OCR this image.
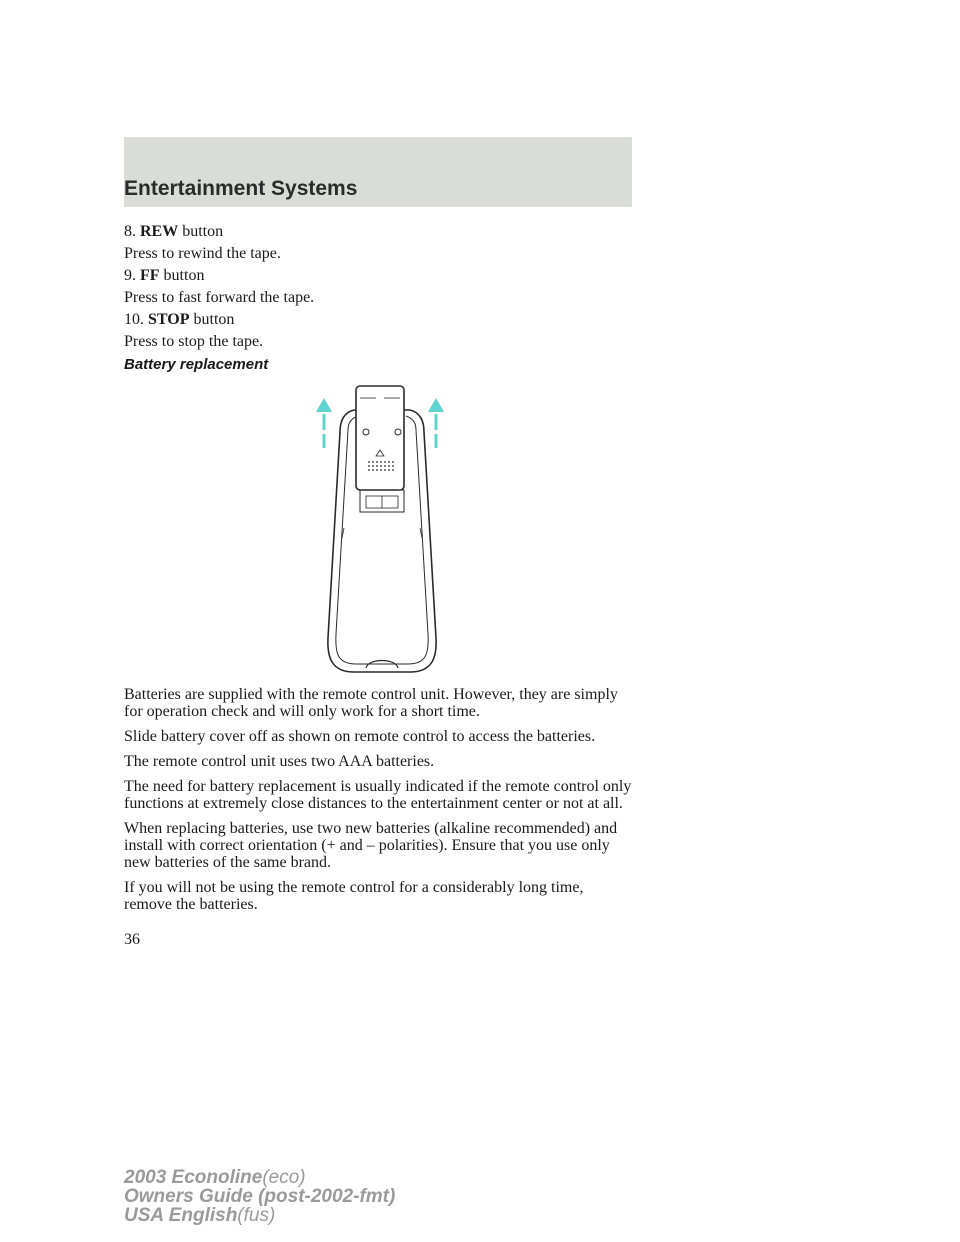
Entertainment Systems
8. REW button
Press to rewind the tape.
9. FF button
Press to fast forward the tape.
10. STOP button
Press to stop the tape.
Battery replacement

Batteries are supplied with the remote control unit. However, they are simply for operation check and will only work for a short time.

Slide battery cover off as shown on remote control to access the batteries.

The remote control unit uses two AAA batteries.

The need for battery replacement is usually indicated if the remote control only functions at extremely close distances to the entertainment center or not at all.

When replacing batteries, use two new batteries (alkaline recommended) and install with correct orientation (+ and – polarities). Ensure that you use only new batteries of the same brand.

If you will not be using the remote control for a considerably long time, remove the batteries.

36
2003 Econoline(eco)
Owners Guide (post-2002-fmt)
USA English(fus)
